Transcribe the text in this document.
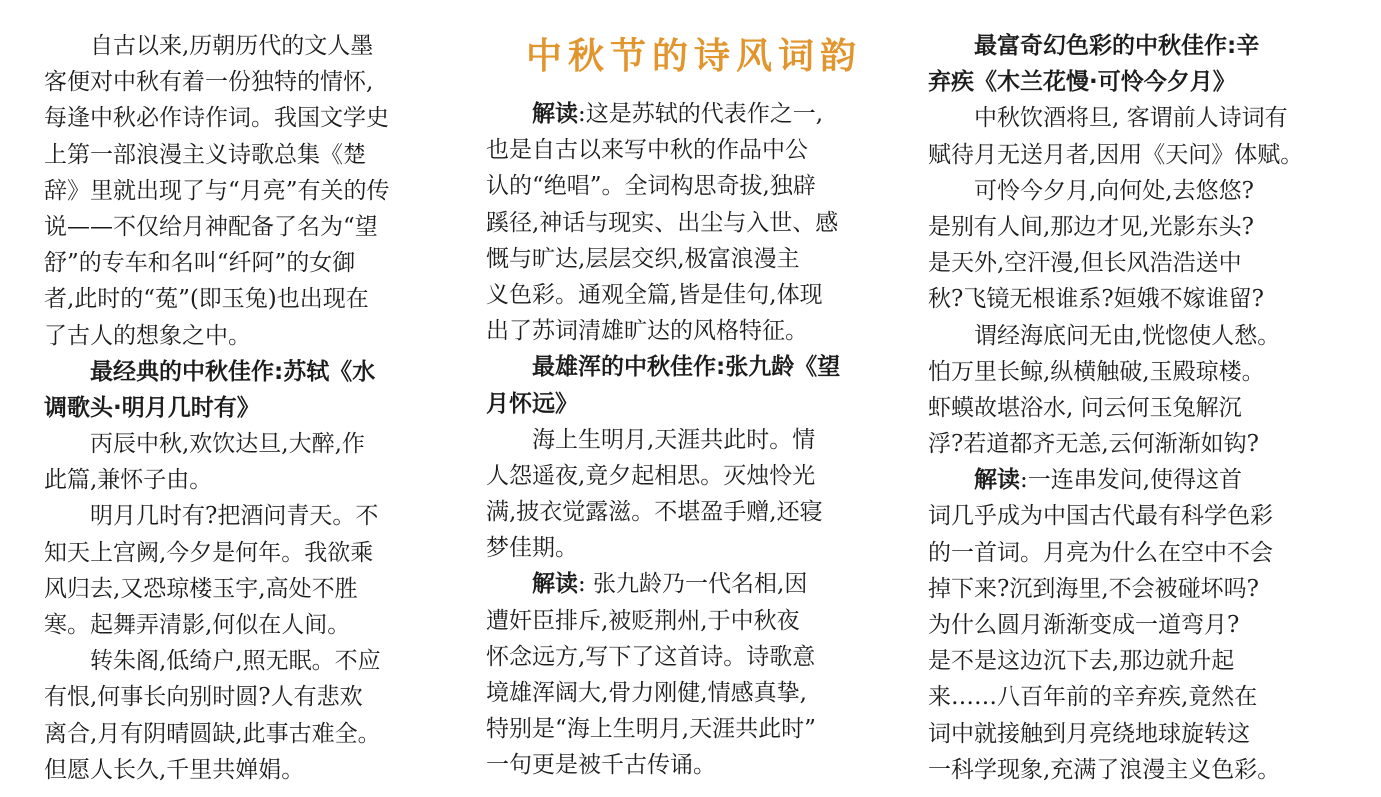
自古以来,历朝历代的文人墨
客便对中秋有着一份独特的情怀,
每逢中秋必作诗作词。我国文学史
上第一部浪漫主义诗歌总集《楚
辞》里就出现了与“月亮”有关的传
说——不仅给月神配备了名为“望
舒”的专车和名叫“纤阿”的女御
者,此时的“菟”(即玉兔)也出现在
了古人的想象之中。
最经典的中秋佳作:苏轼《水
调歌头·明月几时有》
丙辰中秋,欢饮达旦,大醉,作
此篇,兼怀子由。
明月几时有?把酒问青天。不
知天上宫阙,今夕是何年。我欲乘
风归去,又恐琼楼玉宇,高处不胜
寒。起舞弄清影,何似在人间。
转朱阁,低绮户,照无眠。不应
有恨,何事长向别时圆?人有悲欢
离合,月有阴晴圆缺,此事古难全。
但愿人长久,千里共婵娟。
中秋节的诗风词韵
解读:这是苏轼的代表作之一,
也是自古以来写中秋的作品中公
认的“绝唱”。全词构思奇拔,独辟
蹊径,神话与现实、出尘与入世、感
慨与旷达,层层交织,极富浪漫主
义色彩。通观全篇,皆是佳句,体现
出了苏词清雄旷达的风格特征。
最雄浑的中秋佳作:张九龄《望
月怀远》
海上生明月,天涯共此时。情
人怨遥夜,竟夕起相思。灭烛怜光
满,披衣觉露滋。不堪盈手赠,还寝
梦佳期。
解读: 张九龄乃一代名相,因
遭奸臣排斥,被贬荆州,于中秋夜
怀念远方,写下了这首诗。诗歌意
境雄浑阔大,骨力刚健,情感真挚,
特别是“海上生明月,天涯共此时”
一句更是被千古传诵。
最富奇幻色彩的中秋佳作:辛
弃疾《木兰花慢·可怜今夕月》
中秋饮酒将旦, 客谓前人诗词有
赋待月无送月者,因用《天问》体赋。
可怜今夕月,向何处,去悠悠?
是别有人间,那边才见,光影东头?
是天外,空汗漫,但长风浩浩送中
秋?飞镜无根谁系?姮娥不嫁谁留?
谓经海底问无由,恍惚使人愁。
怕万里长鲸,纵横触破,玉殿琼楼。
虾蟆故堪浴水, 问云何玉兔解沉
浮?若道都齐无恙,云何渐渐如钩?
解读:一连串发问,使得这首
词几乎成为中国古代最有科学色彩
的一首词。月亮为什么在空中不会
掉下来?沉到海里,不会被碰坏吗?
为什么圆月渐渐变成一道弯月?
是不是这边沉下去,那边就升起
来……八百年前的辛弃疾,竟然在
词中就接触到月亮绕地球旋转这
一科学现象,充满了浪漫主义色彩。
